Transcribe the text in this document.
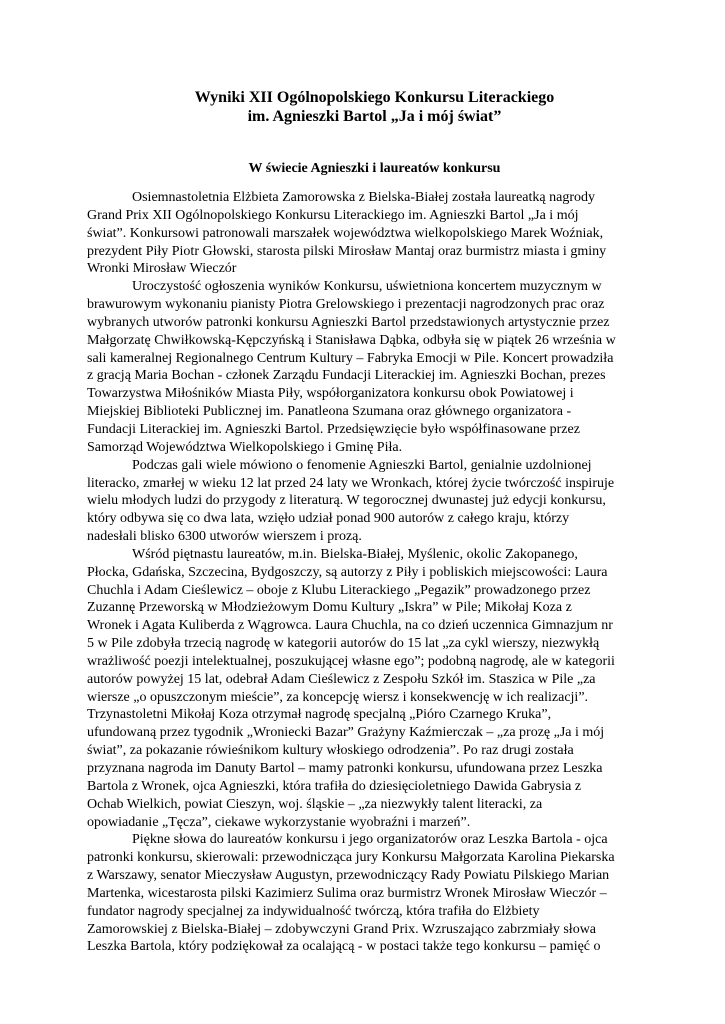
Wyniki XII Ogólnopolskiego Konkursu Literackiego
im. Agnieszki Bartol „Ja i mój świat”
W świecie Agnieszki i laureatów konkursu

Osiemnastoletnia Elżbieta Zamorowska z Bielska-Białej została laureatką nagrody
Grand Prix XII Ogólnopolskiego Konkursu Literackiego im. Agnieszki Bartol „Ja i mój
świat”. Konkursowi patronowali marszałek województwa wielkopolskiego Marek Woźniak,
prezydent Piły Piotr Głowski, starosta pilski Mirosław Mantaj oraz burmistrz miasta i gminy
Wronki Mirosław Wieczór

Uroczystość ogłoszenia wyników Konkursu, uświetniona koncertem muzycznym w
brawurowym wykonaniu pianisty Piotra Grelowskiego i prezentacji nagrodzonych prac oraz
wybranych utworów patronki konkursu Agnieszki Bartol przedstawionych artystycznie przez
Małgorzatę Chwiłkowską-Kępczyńską i Stanisława Dąbka, odbyła się w piątek 26 września w
sali kameralnej Regionalnego Centrum Kultury – Fabryka Emocji w Pile. Koncert prowadziła
z gracją Maria Bochan - członek Zarządu Fundacji Literackiej im. Agnieszki Bochan, prezes
Towarzystwa Miłośników Miasta Piły, współorganizatora konkursu obok Powiatowej i
Miejskiej Biblioteki Publicznej im. Panatleona Szumana oraz głównego organizatora -
Fundacji Literackiej im. Agnieszki Bartol. Przedsięwzięcie było współfinasowane przez
Samorząd Województwa Wielkopolskiego i Gminę Piła.

Podczas gali wiele mówiono o fenomenie Agnieszki Bartol, genialnie uzdolnionej
literacko, zmarłej w wieku 12 lat przed 24 laty we Wronkach, której życie twórczość inspiruje
wielu młodych ludzi do przygody z literaturą. W tegorocznej dwunastej już edycji konkursu,
który odbywa się co dwa lata, wzięło udział ponad 900 autorów z całego kraju, którzy
nadesłali blisko 6300 utworów wierszem i prozą.

Wśród piętnastu laureatów, m.in. Bielska-Białej, Myślenic, okolic Zakopanego,
Płocka, Gdańska, Szczecina, Bydgoszczy, są autorzy z Piły i pobliskich miejscowości: Laura
Chuchla i Adam Cieślewicz – oboje z Klubu Literackiego „Pegazik” prowadzonego przez
Zuzannę Przeworską w Młodzieżowym Domu Kultury „Iskra” w Pile; Mikołaj Koza z
Wronek i Agata Kuliberda z Wągrowca. Laura Chuchla, na co dzień uczennica Gimnazjum nr
5 w Pile zdobyła trzecią nagrodę w kategorii autorów do 15 lat „za cykl wierszy, niezwykłą
wrażliwość poezji intelektualnej, poszukującej własne ego”; podobną nagrodę, ale w kategorii
autorów powyżej 15 lat, odebrał Adam Cieślewicz z Zespołu Szkół im. Staszica w Pile „za
wiersze „o opuszczonym mieście”, za koncepcję wiersz i konsekwencję w ich realizacji”.
Trzynastoletni Mikołaj Koza otrzymał nagrodę specjalną „Pióro Czarnego Kruka”,
ufundowaną przez tygodnik „Wroniecki Bazar” Grażyny Kaźmierczak – „za prozę „Ja i mój
świat”, za pokazanie rówieśnikom kultury włoskiego odrodzenia”. Po raz drugi została
przyznana nagroda im Danuty Bartol – mamy patronki konkursu, ufundowana przez Leszka
Bartola z Wronek, ojca Agnieszki, która trafiła do dziesięcioletniego Dawida Gabrysia z
Ochab Wielkich, powiat Cieszyn, woj. śląskie – „za niezwykły talent literacki, za
opowiadanie „Tęcza”, ciekawe wykorzystanie wyobraźni i marzeń”.

Piękne słowa do laureatów konkursu i jego organizatorów oraz Leszka Bartola - ojca
patronki konkursu, skierowali: przewodnicząca jury Konkursu Małgorzata Karolina Piekarska
z Warszawy, senator Mieczysław Augustyn, przewodniczący Rady Powiatu Pilskiego Marian
Martenka, wicestarosta pilski Kazimierz Sulima oraz burmistrz Wronek Mirosław Wieczór –
fundator nagrody specjalnej za indywidualność twórczą, która trafiła do Elżbiety
Zamorowskiej z Bielska-Białej – zdobywczyni Grand Prix. Wzruszająco zabrzmiały słowa
Leszka Bartola, który podziękował za ocalającą - w postaci także tego konkursu – pamięć o
